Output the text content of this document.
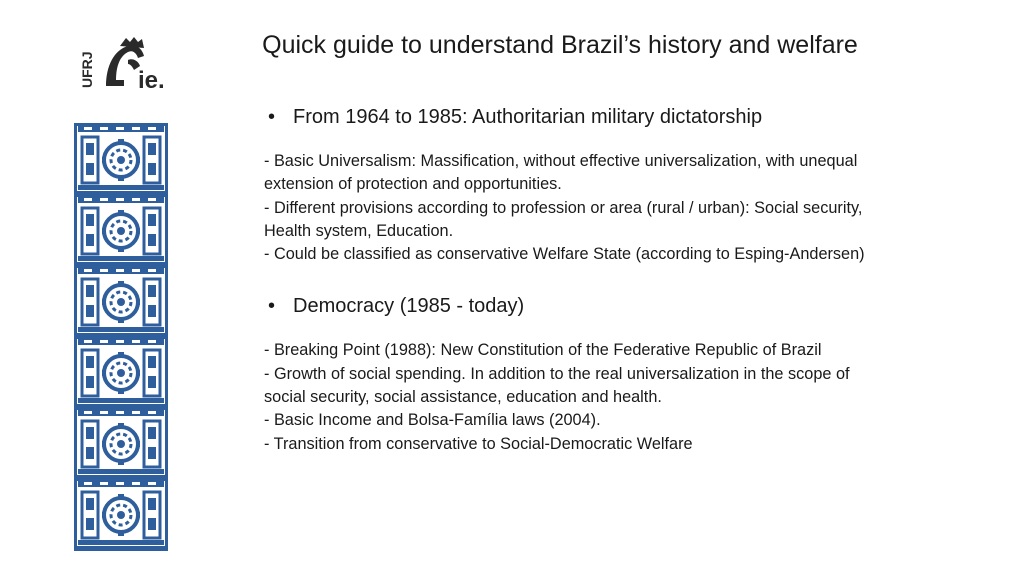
UFRJ ie.
Quick guide to understand Brazil’s history and welfare
• From 1964 to 1985: Authoritarian military dictatorship
- Basic Universalism: Massification, without effective universalization, with unequal extension of protection and opportunities.
- Different provisions according to profession or area (rural / urban): Social security, Health system, Education.
- Could be classified as conservative Welfare State (according to Esping-Andersen)
• Democracy (1985 - today)
- Breaking Point (1988): New Constitution of the Federative Republic of Brazil
- Growth of social spending. In addition to the real universalization in the scope of social security, social assistance, education and health.
- Basic Income and Bolsa-Família laws (2004).
- Transition from conservative to Social-Democratic Welfare
